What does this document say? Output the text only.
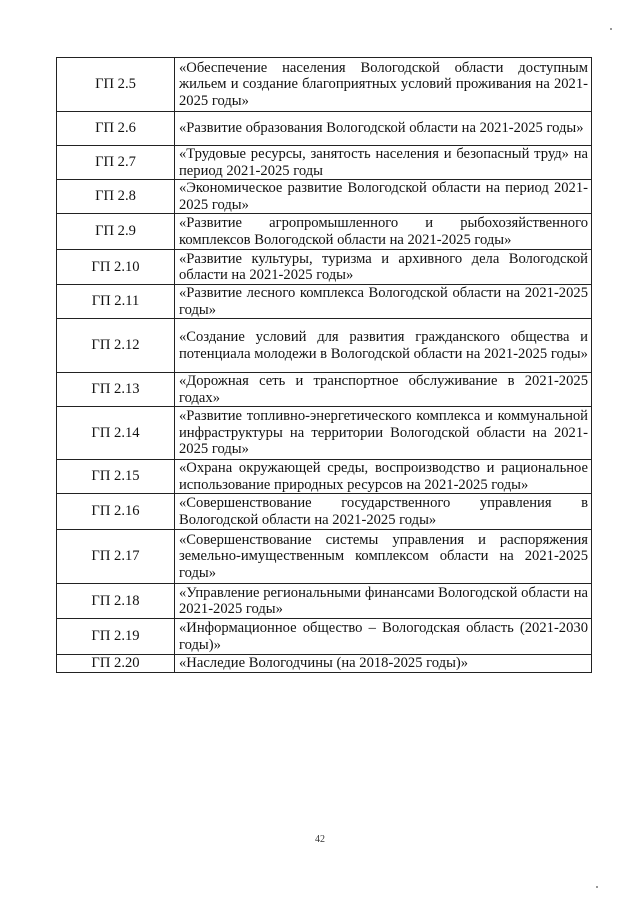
ГП 2.5	«Обеспечение населения Вологодской области доступным жильем и создание благоприятных условий проживания на 2021-2025 годы»
ГП 2.6	«Развитие образования Вологодской области на 2021-2025 годы»
ГП 2.7	«Трудовые ресурсы, занятость населения и безопасный труд» на период 2021-2025 годы
ГП 2.8	«Экономическое развитие Вологодской области на период 2021-2025 годы»
ГП 2.9	«Развитие агропромышленного и рыбохозяйственного комплексов Вологодской области на 2021-2025 годы»
ГП 2.10	«Развитие культуры, туризма и архивного дела Вологодской области на 2021-2025 годы»
ГП 2.11	«Развитие лесного комплекса Вологодской области на 2021-2025 годы»
ГП 2.12	«Создание условий для развития гражданского общества и потенциала молодежи в Вологодской области на 2021-2025 годы»
ГП 2.13	«Дорожная сеть и транспортное обслуживание в 2021-2025 годах»
ГП 2.14	«Развитие топливно-энергетического комплекса и коммунальной инфраструктуры на территории Вологодской области на 2021-2025 годы»
ГП 2.15	«Охрана окружающей среды, воспроизводство и рациональное использование природных ресурсов на 2021-2025 годы»
ГП 2.16	«Совершенствование государственного управления в Вологодской области на 2021-2025 годы»
ГП 2.17	«Совершенствование системы управления и распоряжения земельно-имущественным комплексом области на 2021-2025 годы»
ГП 2.18	«Управление региональными финансами Вологодской области на 2021-2025 годы»
ГП 2.19	«Информационное общество – Вологодская область (2021-2030 годы)»
ГП 2.20	«Наследие Вологодчины (на 2018-2025 годы)»
42
